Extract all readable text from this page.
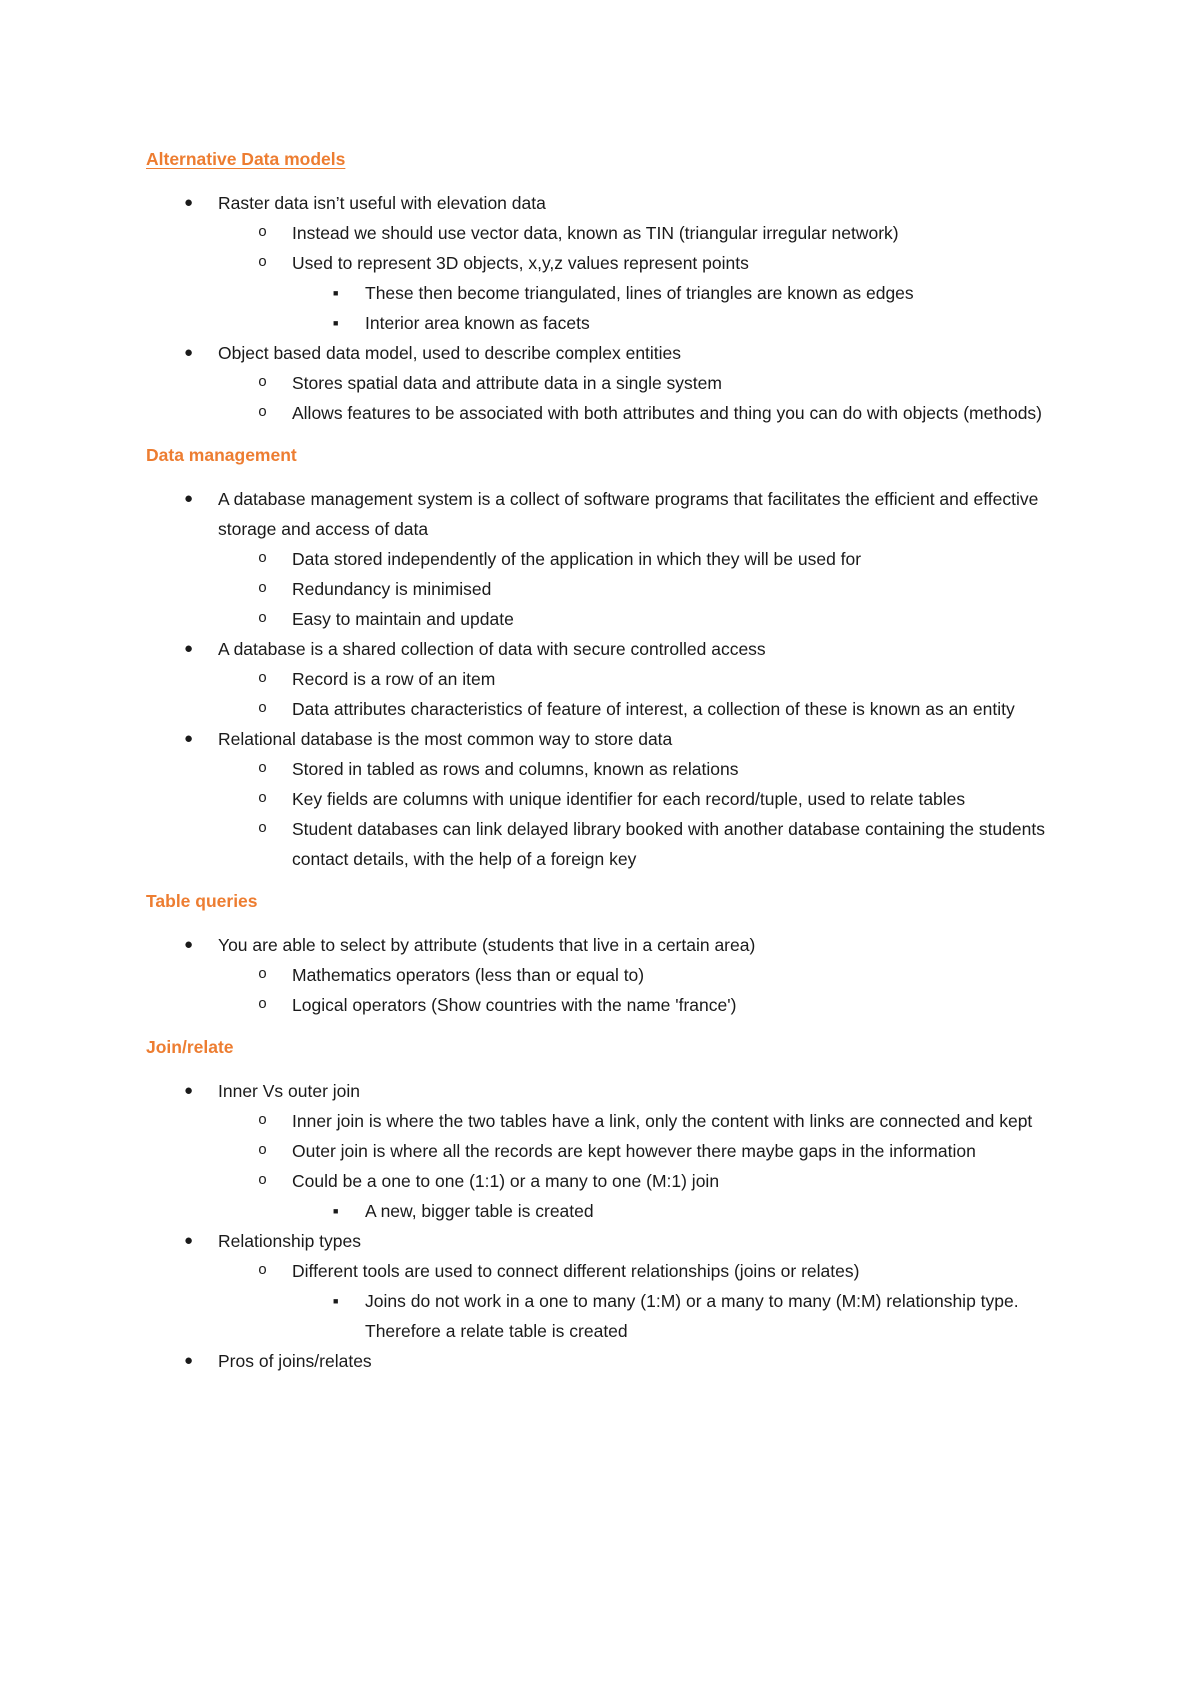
Alternative Data models
● Raster data isn’t useful with elevation data
o Instead we should use vector data, known as TIN (triangular irregular network)
o Used to represent 3D objects, x,y,z values represent points
■ These then become triangulated, lines of triangles are known as edges
■ Interior area known as facets
● Object based data model, used to describe complex entities
o Stores spatial data and attribute data in a single system
o Allows features to be associated with both attributes and thing you can do with objects (methods)
Data management
● A database management system is a collect of software programs that facilitates the efficient and effective storage and access of data
o Data stored independently of the application in which they will be used for
o Redundancy is minimised
o Easy to maintain and update
● A database is a shared collection of data with secure controlled access
o Record is a row of an item
o Data attributes characteristics of feature of interest, a collection of these is known as an entity
● Relational database is the most common way to store data
o Stored in tabled as rows and columns, known as relations
o Key fields are columns with unique identifier for each record/tuple, used to relate tables
o Student databases can link delayed library booked with another database containing the students contact details, with the help of a foreign key
Table queries
● You are able to select by attribute (students that live in a certain area)
o Mathematics operators (less than or equal to)
o Logical operators (Show countries with the name 'france')
Join/relate
● Inner Vs outer join
o Inner join is where the two tables have a link, only the content with links are connected and kept
o Outer join is where all the records are kept however there maybe gaps in the information
o Could be a one to one (1:1) or a many to one (M:1) join
■ A new, bigger table is created
● Relationship types
o Different tools are used to connect different relationships (joins or relates)
■ Joins do not work in a one to many (1:M) or a many to many (M:M) relationship type. Therefore a relate table is created
● Pros of joins/relates
